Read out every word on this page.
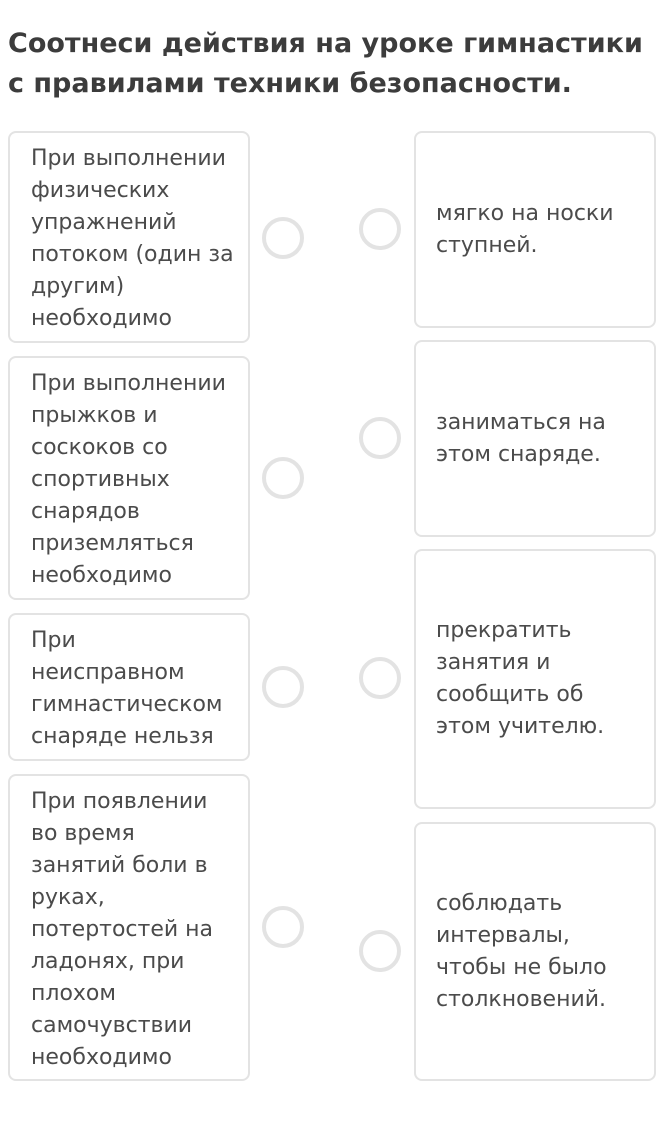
Соотнеси действия на уроке гимнастики с правилами техники безопасности.
При выполнении физических упражнений потоком (один за другим) необходимо
При выполнении прыжков и соскоков со спортивных снарядов приземляться необходимо
При неисправном гимнастическом снаряде нельзя
При появлении во время занятий боли в руках, потертостей на ладонях, при плохом самочувствии необходимо
мягко на носки ступней.
заниматься на этом снаряде.
прекратить занятия и сообщить об этом учителю.
соблюдать интервалы, чтобы не было столкновений.
